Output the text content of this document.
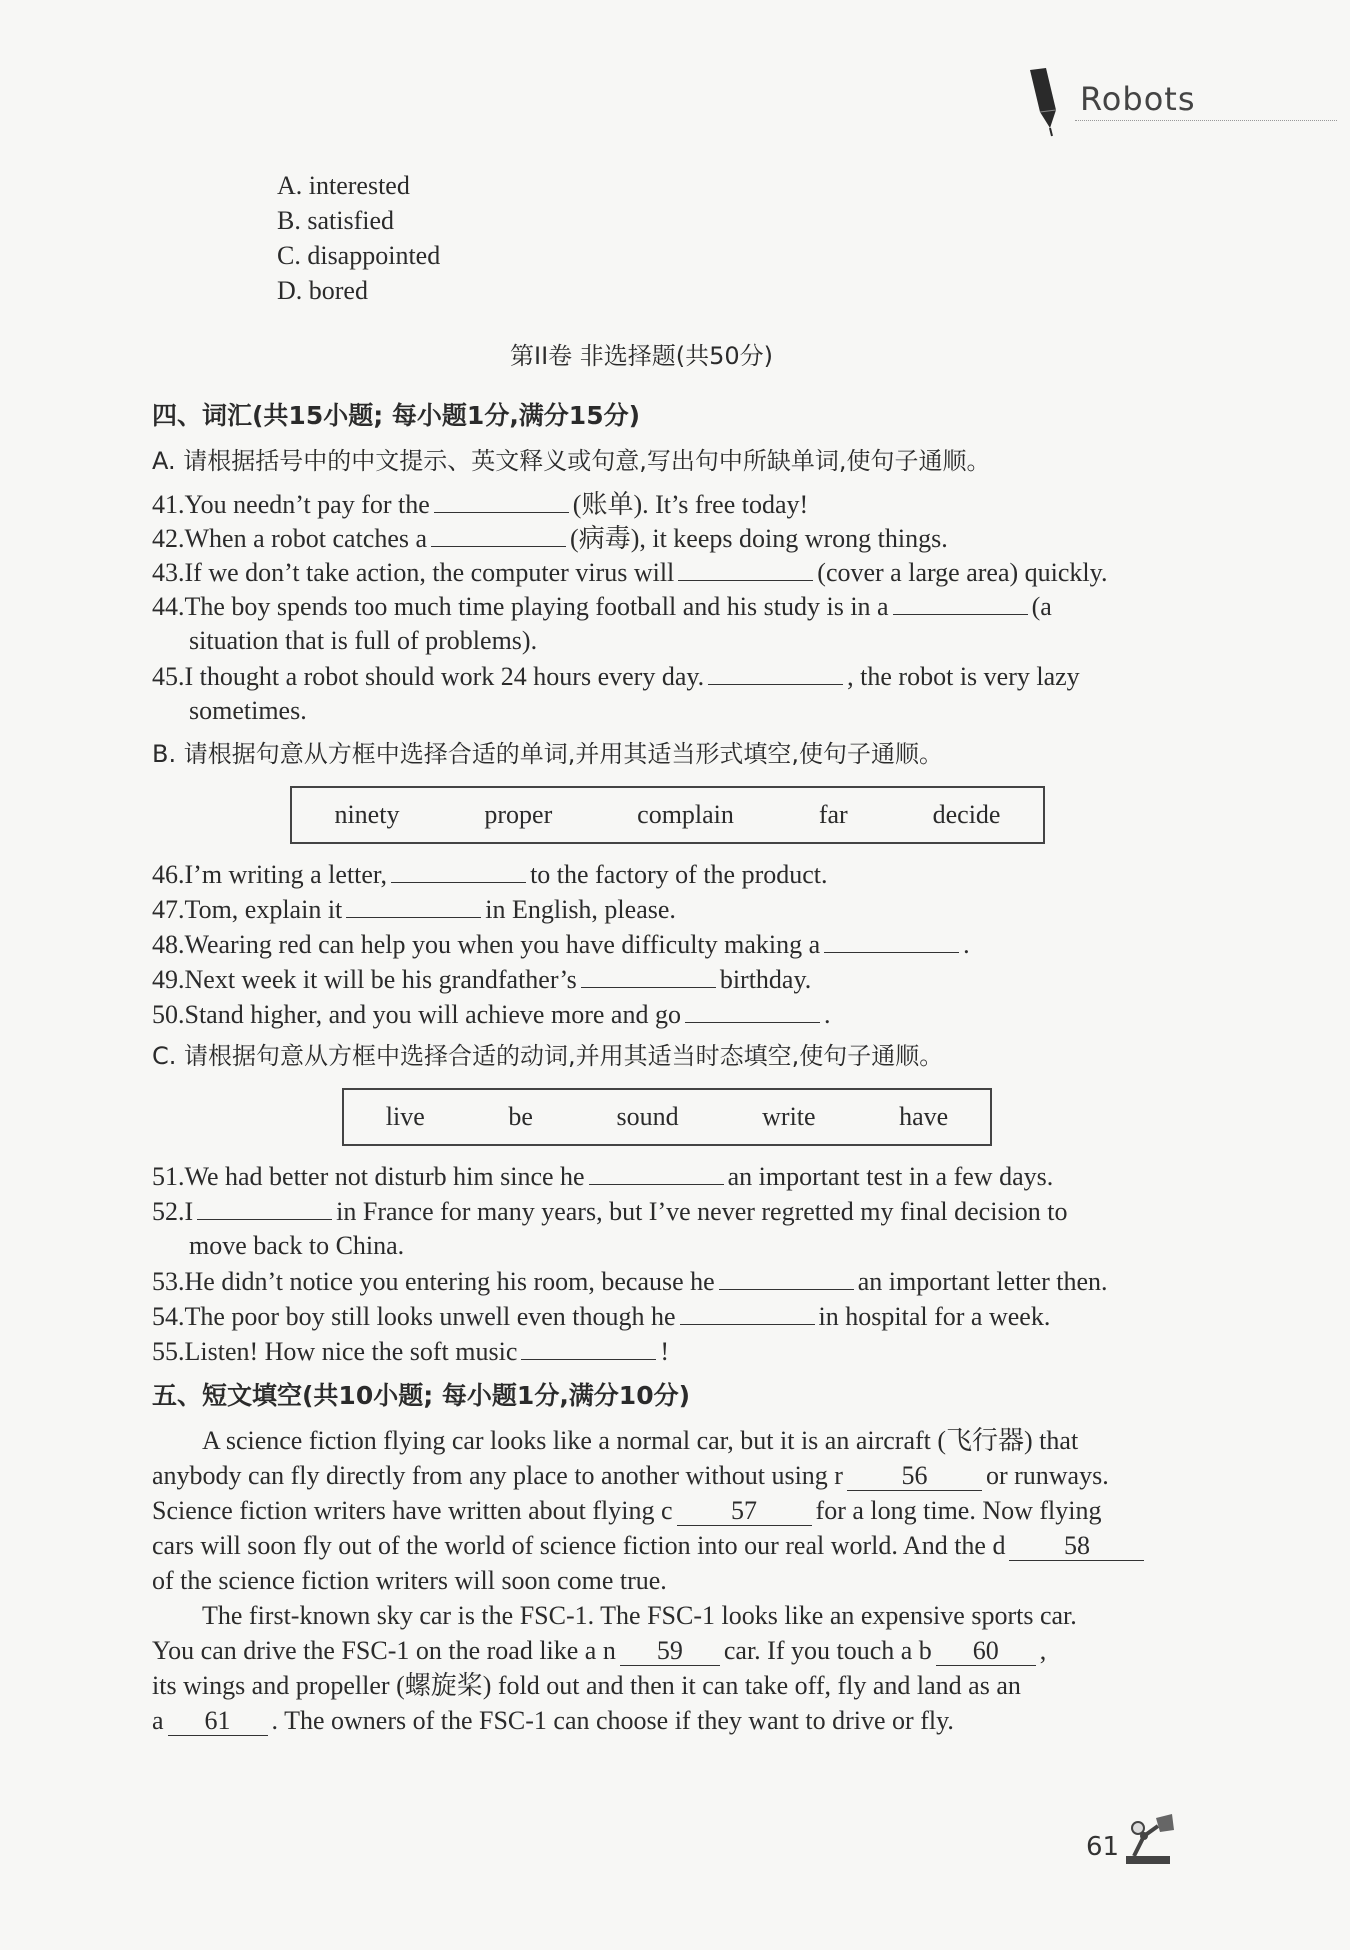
Robots
A. interested
B. satisfied
C. disappointed
D. bored
第II卷 非选择题(共50分)
四、词汇(共15小题; 每小题1分,满分15分)
A. 请根据括号中的中文提示、英文释义或句意,写出句中所缺单词,使句子通顺。
41.You needn’t pay for the	(账单). It’s free today!
42.When a robot catches a	(病毒), it keeps doing wrong things.
43.If we don’t take action, the computer virus will	(cover a large area) quickly.
44.The boy spends too much time playing football and his study is in a	(a
situation that is full of problems).
45.I thought a robot should work 24 hours every day.	, the robot is very lazy
sometimes.
B. 请根据句意从方框中选择合适的单词,并用其适当形式填空,使句子通顺。
ninety	proper	complain	far	decide
46.I’m writing a letter,	to the factory of the product.
47.Tom, explain it	in English, please.
48.Wearing red can help you when you have difficulty making a	.
49.Next week it will be his grandfather’s	birthday.
50.Stand higher, and you will achieve more and go	.
C. 请根据句意从方框中选择合适的动词,并用其适当时态填空,使句子通顺。
live	be	sound	write	have
51.We had better not disturb him since he	an important test in a few days.
52.I	in France for many years, but I’ve never regretted my final decision to
move back to China.
53.He didn’t notice you entering his room, because he	an important letter then.
54.The poor boy still looks unwell even though he	in hospital for a week.
55.Listen! How nice the soft music	!
五、短文填空(共10小题; 每小题1分,满分10分)
A science fiction flying car looks like a normal car, but it is an aircraft (飞行器) that
anybody can fly directly from any place to another without using r 56 or runways.
Science fiction writers have written about flying c 57 for a long time. Now flying
cars will soon fly out of the world of science fiction into our real world. And the d 58
of the science fiction writers will soon come true.
The first-known sky car is the FSC-1. The FSC-1 looks like an expensive sports car.
You can drive the FSC-1 on the road like a n 59 car. If you touch a b 60 ,
its wings and propeller (螺旋桨) fold out and then it can take off, fly and land as an
a 61 . The owners of the FSC-1 can choose if they want to drive or fly.
61
